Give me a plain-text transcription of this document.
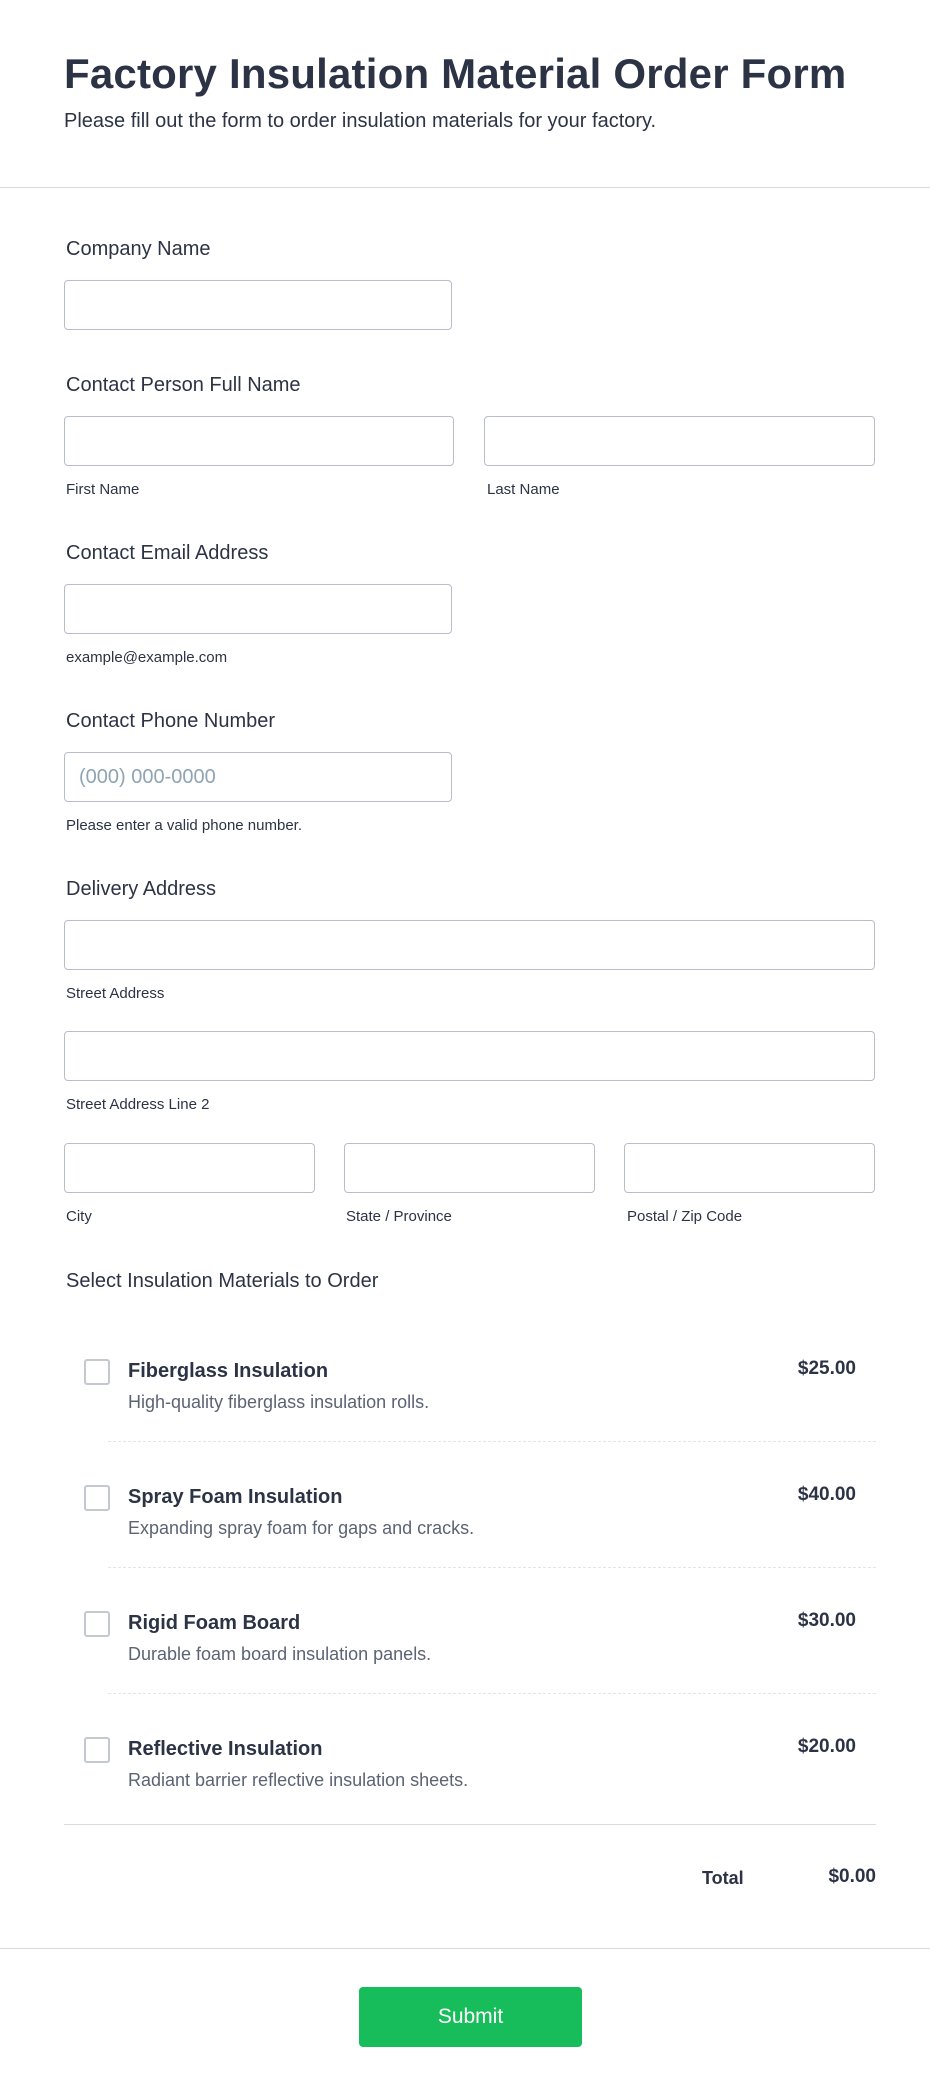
Factory Insulation Material Order Form
Please fill out the form to order insulation materials for your factory.
Company Name
Contact Person Full Name
First Name	Last Name
Contact Email Address
example@example.com
Contact Phone Number
(000) 000-0000
Please enter a valid phone number.
Delivery Address
Street Address
Street Address Line 2
City	State / Province	Postal / Zip Code
Select Insulation Materials to Order
Fiberglass Insulation
High-quality fiberglass insulation rolls.
$25.00
Spray Foam Insulation
Expanding spray foam for gaps and cracks.
$40.00
Rigid Foam Board
Durable foam board insulation panels.
$30.00
Reflective Insulation
Radiant barrier reflective insulation sheets.
$20.00
Total	$0.00
Submit
